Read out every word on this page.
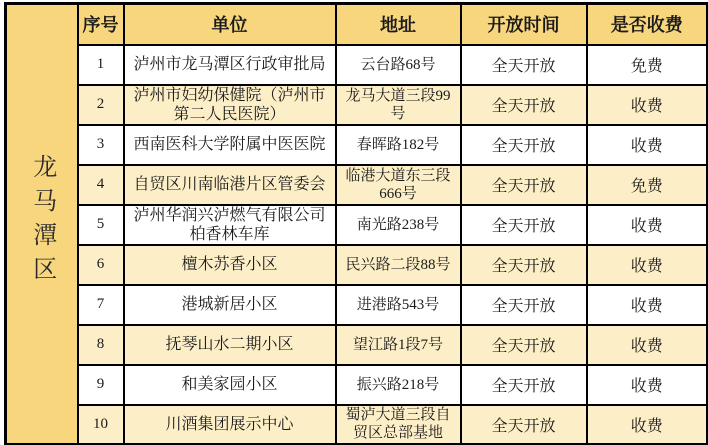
龙马潭区	序号	单位	地址	开放时间	是否收费
	1	泸州市龙马潭区行政审批局	云台路68号	全天开放	免费
	2	泸州市妇幼保健院（泸州市第二人民医院）	龙马大道三段99号	全天开放	收费
	3	西南医科大学附属中医医院	春晖路182号	全天开放	收费
	4	自贸区川南临港片区管委会	临港大道东三段666号	全天开放	免费
	5	泸州华润兴泸燃气有限公司柏香林车库	南光路238号	全天开放	收费
	6	檀木苏香小区	民兴路二段88号	全天开放	收费
	7	港城新居小区	进港路543号	全天开放	收费
	8	抚琴山水二期小区	望江路1段7号	全天开放	收费
	9	和美家园小区	振兴路218号	全天开放	收费
	10	川酒集团展示中心	蜀泸大道三段自贸区总部基地	全天开放	收费
